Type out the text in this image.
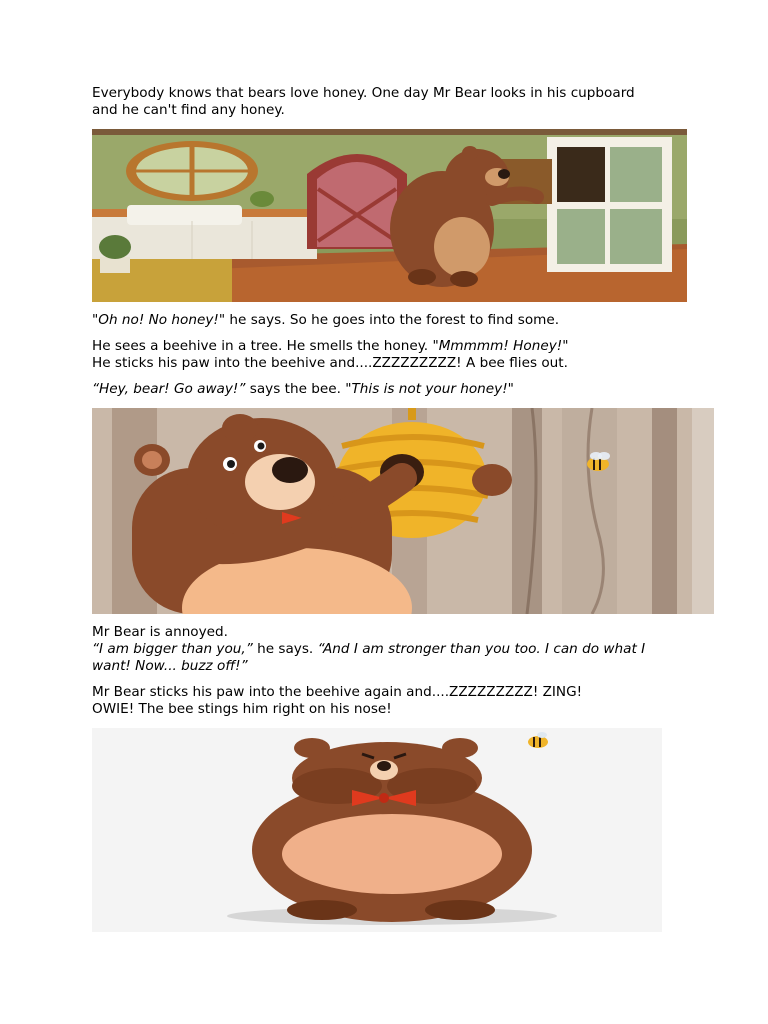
Everybody knows that bears love honey. One day Mr Bear looks in his cupboard
and he can't find any honey.

"Oh no! No honey!" he says. So he goes into the forest to find some.

He sees a beehive in a tree. He smells the honey. "Mmmmm! Honey!"
He sticks his paw into the beehive and....ZZZZZZZZZ! A bee flies out.

“Hey, bear! Go away!” says the bee. "This is not your honey!"

Mr Bear is annoyed.
“I am bigger than you,” he says. “And I am stronger than you too. I can do what I
want! Now... buzz off!”

Mr Bear sticks his paw into the beehive again and....ZZZZZZZZZ! ZING!
OWIE! The bee stings him right on his nose!
